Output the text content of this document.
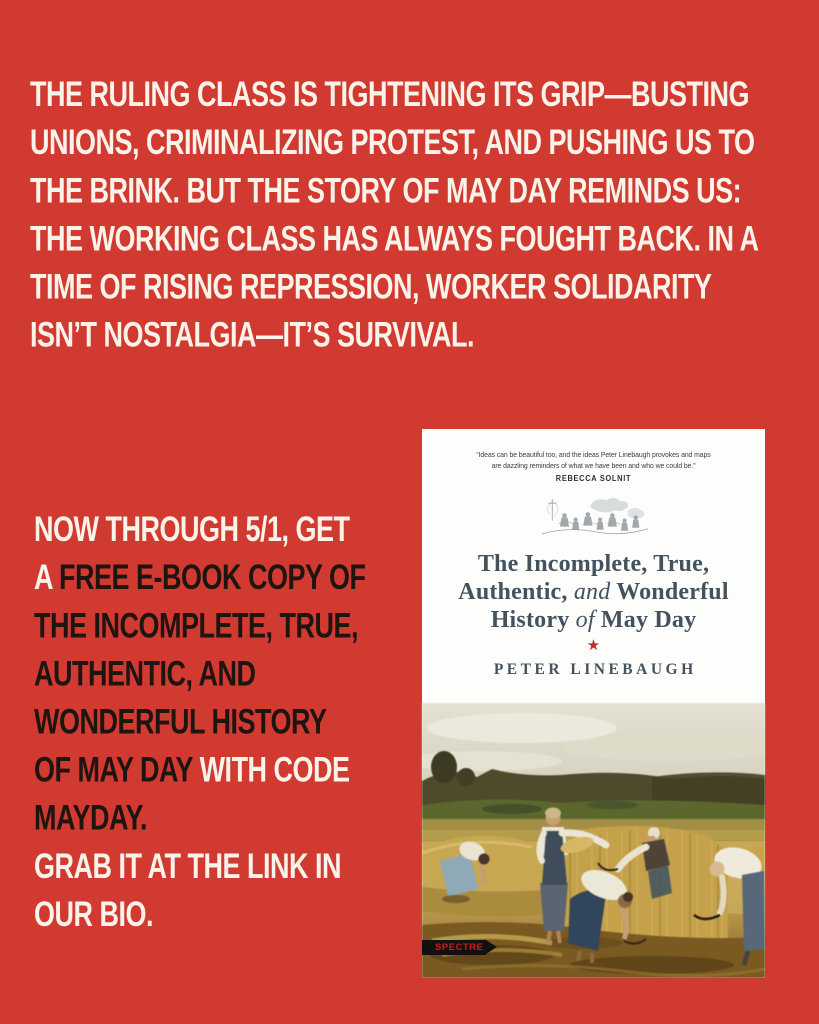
THE RULING CLASS IS TIGHTENING ITS GRIP—BUSTING
UNIONS, CRIMINALIZING PROTEST, AND PUSHING US TO
THE BRINK. BUT THE STORY OF MAY DAY REMINDS US:
THE WORKING CLASS HAS ALWAYS FOUGHT BACK. IN A
TIME OF RISING REPRESSION, WORKER SOLIDARITY
ISN’T NOSTALGIA—IT’S SURVIVAL.
NOW THROUGH 5/1, GET
A FREE E-BOOK COPY OF
THE INCOMPLETE, TRUE,
AUTHENTIC, AND
WONDERFUL HISTORY
OF MAY DAY WITH CODE
MAYDAY.
GRAB IT AT THE LINK IN
OUR BIO.
“Ideas can be beautiful too, and the ideas Peter Linebaugh provokes and maps
are dazzling reminders of what we have been and who we could be.”
REBECCA SOLNIT
The Incomplete, True,
Authentic, and Wonderful
History of May Day
★
PETER LINEBAUGH
SPECTRE
